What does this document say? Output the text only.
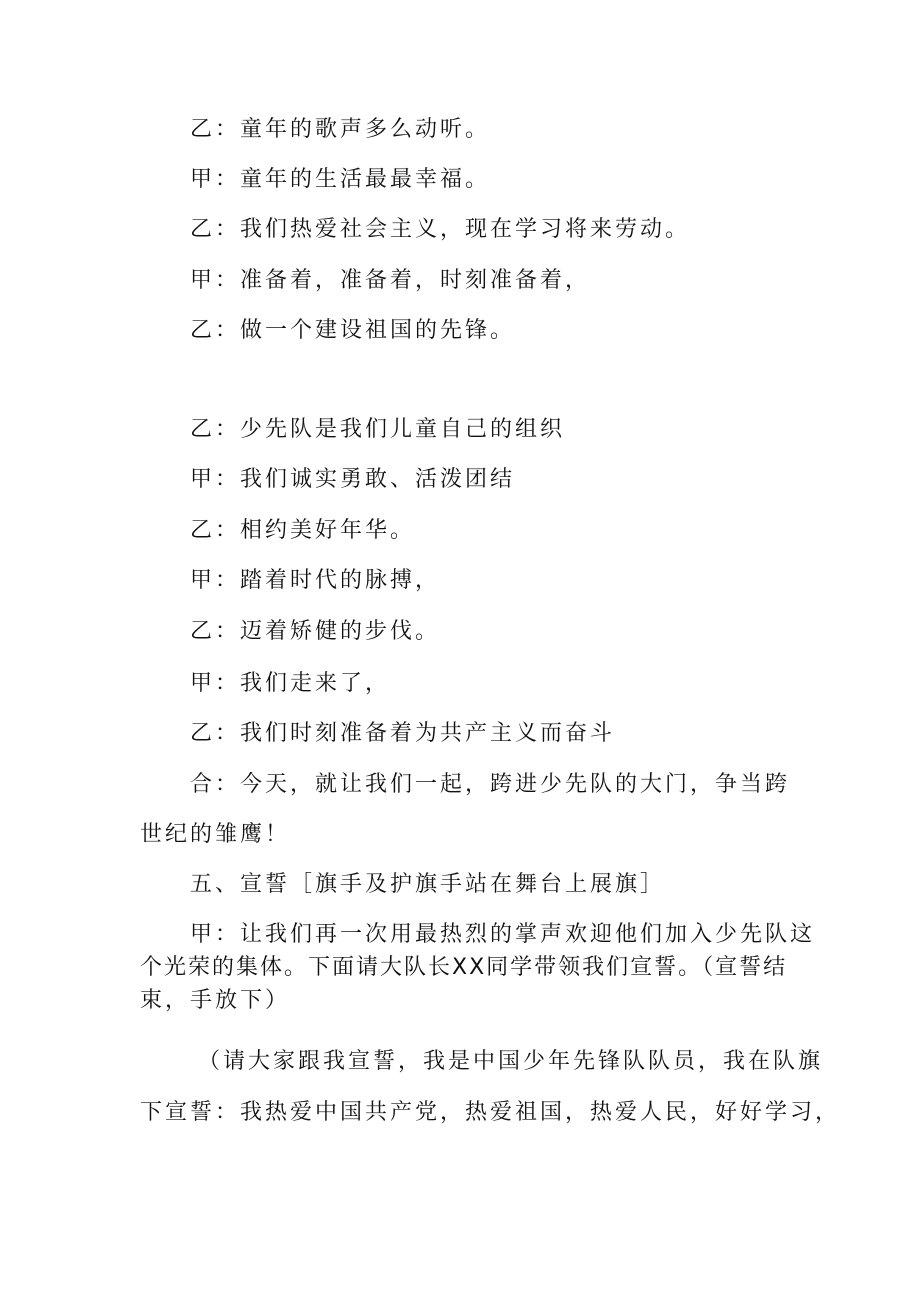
乙：童年的歌声多么动听。
甲：童年的生活最最幸福。
乙：我们热爱社会主义，现在学习将来劳动。
甲：准备着，准备着，时刻准备着，
乙：做一个建设祖国的先锋。
乙：少先队是我们儿童自己的组织
甲：我们诚实勇敢、活泼团结
乙：相约美好年华。
甲：踏着时代的脉搏，
乙：迈着矫健的步伐。
甲：我们走来了，
乙：我们时刻准备着为共产主义而奋斗
合：今天，就让我们一起，跨进少先队的大门，争当跨
世纪的雏鹰！
五、宣誓［旗手及护旗手站在舞台上展旗］
甲：让我们再一次用最热烈的掌声欢迎他们加入少先队这
个光荣的集体。下面请大队长XX同学带领我们宣誓。（宣誓结
束，手放下）
（请大家跟我宣誓，我是中国少年先锋队队员，我在队旗
下宣誓：我热爱中国共产党，热爱祖国，热爱人民，好好学习，
